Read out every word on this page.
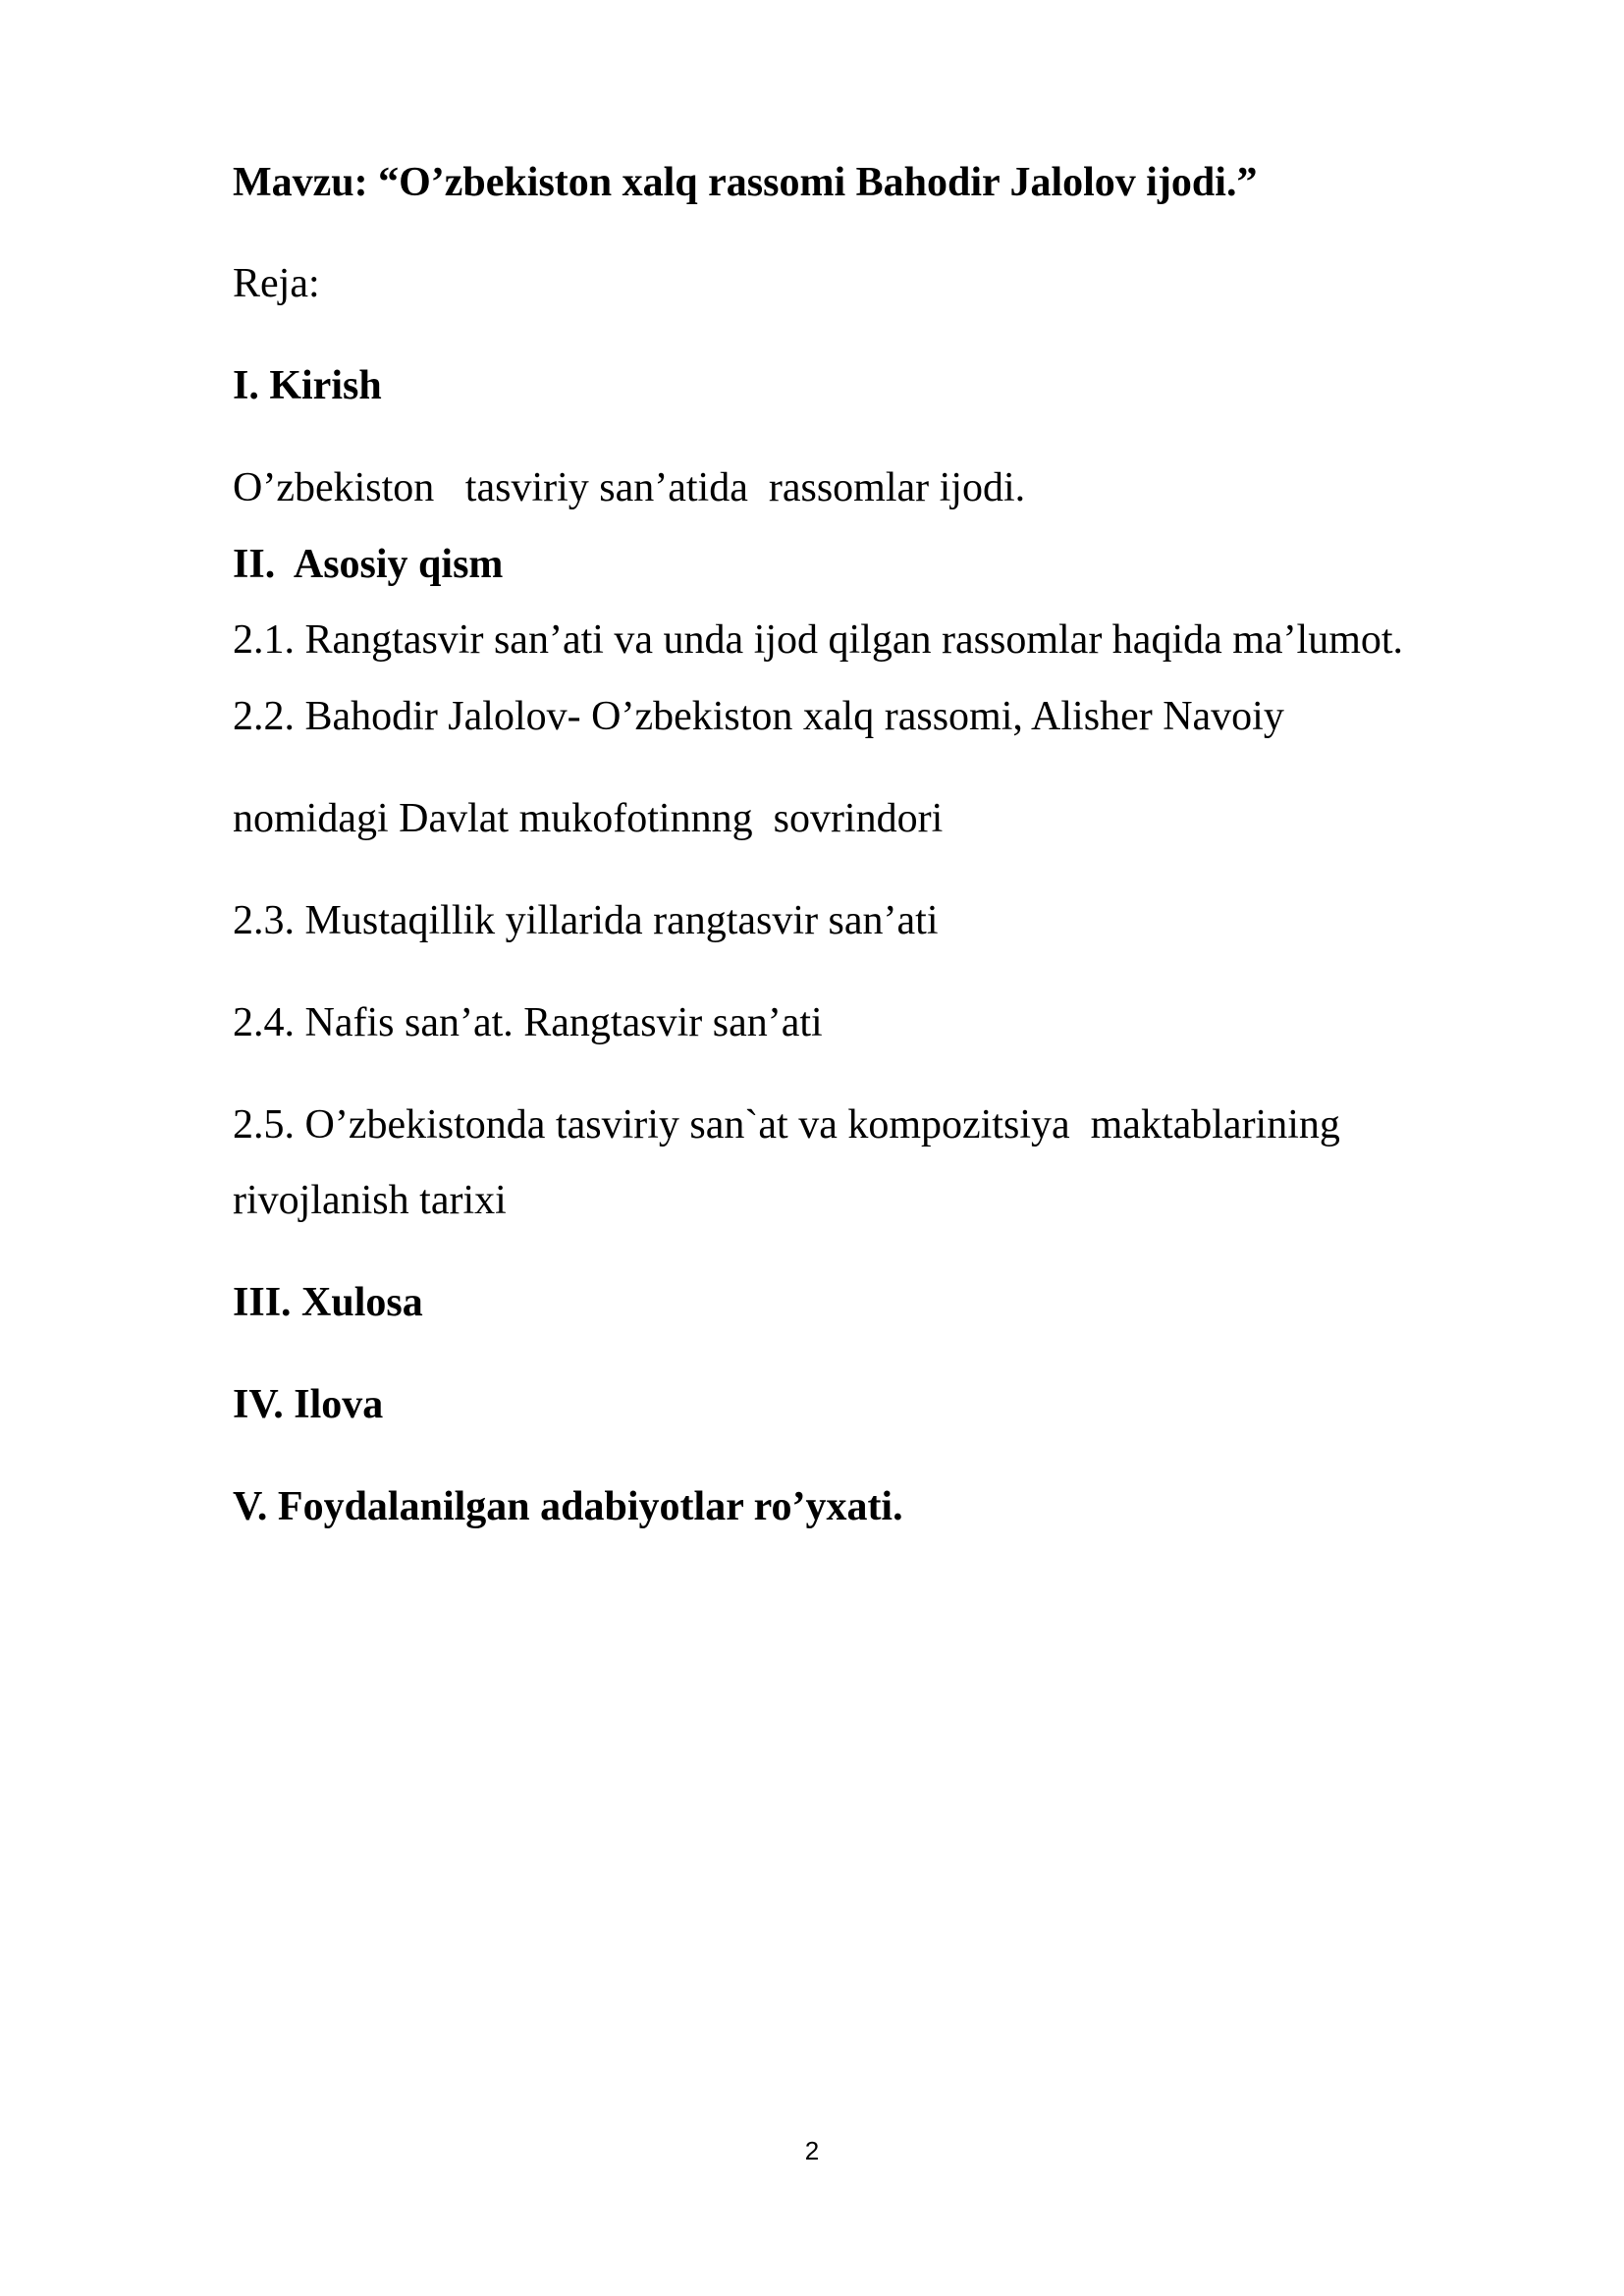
Mavzu: “O’zbekiston xalq rassomi Bahodir Jalolov ijodi.”

Reja:

I. Kirish

O’zbekiston   tasviriy san’atida  rassomlar ijodi.

II.  Asosiy qism

2.1. Rangtasvir san’ati va unda ijod qilgan rassomlar haqida ma’lumot.

2.2. Bahodir Jalolov- O’zbekiston xalq rassomi, Alisher Navoiy

nomidagi Davlat mukofotinnng  sovrindori

2.3. Mustaqillik yillarida rangtasvir san’ati

2.4. Nafis san’at. Rangtasvir san’ati

2.5. O’zbekistonda tasviriy san`at va kompozitsiya  maktablarining

rivojlanish tarixi

III. Xulosa

IV. Ilova

V. Foydalanilgan adabiyotlar ro’yxati.

2
